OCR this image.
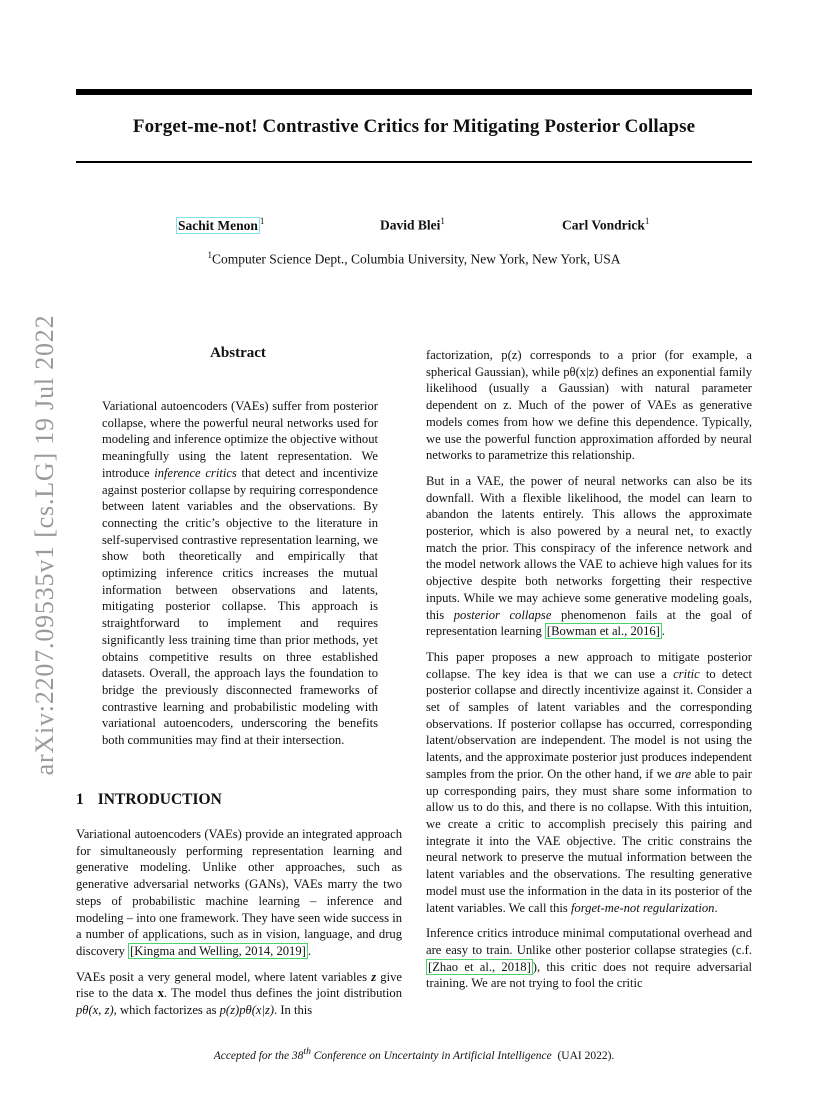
Forget-me-not! Contrastive Critics for Mitigating Posterior Collapse
Sachit Menon $^1$	David Blei$^1$	Carl Vondrick$^1$
$^1$Computer Science Dept., Columbia University, New York, New York, USA
arXiv:2207.09535v1 [cs.LG] 19 Jul 2022	Abstract
Variational autoencoders (VAEs) suffer from posterior collapse, where the powerful neural networks used for modeling and inference optimize the objective without meaningfully using the latent representation. We introduce inference critics that detect and incentivize against posterior collapse by requiring correspondence between latent variables and the observations. By connecting the critic’s objective to the literature in self-supervised contrastive representation learning, we show both theoretically and empirically that optimizing inference critics increases the mutual information between observations and latents, mitigating posterior collapse. This approach is straightforward to implement and requires significantly less training time than prior methods, yet obtains competitive results on three established datasets. Overall, the approach lays the foundation to bridge the previously disconnected frameworks of contrastive learning and probabilistic modeling with variational autoencoders, underscoring the benefits both communities may find at their intersection.
1 INTRODUCTION

Variational autoencoders (VAEs) provide an integrated approach for simultaneously performing representation learning and generative modeling. Unlike other approaches, such as generative adversarial networks (GANs), VAEs marry the two steps of probabilistic machine learning – inference and modeling – into one framework. They have seen wide success in a number of applications, such as in vision, language, and drug discovery [Kingma and Welling, 2014, 2019] .

VAEs posit a very general model, where latent variables z give rise to the data x. The model thus defines the joint distribution pθ(x, z), which factorizes as p(z)pθ(x|z). In this

factorization, p(z) corresponds to a prior (for example, a spherical Gaussian), while pθ(x|z) defines an exponential family likelihood (usually a Gaussian) with natural parameter dependent on z. Much of the power of VAEs as generative models comes from how we define this dependence. Typically, we use the powerful function approximation afforded by neural networks to parametrize this relationship.

But in a VAE, the power of neural networks can also be its downfall. With a flexible likelihood, the model can learn to abandon the latents entirely. This allows the approximate posterior, which is also powered by a neural net, to exactly match the prior. This conspiracy of the inference network and the model network allows the VAE to achieve high values for its objective despite both networks forgetting their respective inputs. While we may achieve some generative modeling goals, this posterior collapse phenomenon fails at the goal of representation learning [Bowman et al., 2016] .

This paper proposes a new approach to mitigate posterior collapse. The key idea is that we can use a critic to detect posterior collapse and directly incentivize against it. Consider a set of samples of latent variables and the corresponding observations. If posterior collapse has occurred, corresponding latent/observation are independent. The model is not using the latents, and the approximate posterior just produces independent samples from the prior. On the other hand, if we are able to pair up corresponding pairs, they must share some information to allow us to do this, and there is no collapse. With this intuition, we create a critic to accomplish precisely this pairing and integrate it into the VAE objective. The critic constrains the neural network to preserve the mutual information between the latent variables and the observations. The resulting generative model must use the information in the data in its posterior of the latent variables. We call this forget-me-not regularization.

Inference critics introduce minimal computational overhead and are easy to train. Unlike other posterior collapse strategies (c.f. [Zhao et al., 2018] ), this critic does not require adversarial training. We are not trying to fool the critic

Accepted for the 38th Conference on Uncertainty in Artificial Intelligence (UAI 2022).
